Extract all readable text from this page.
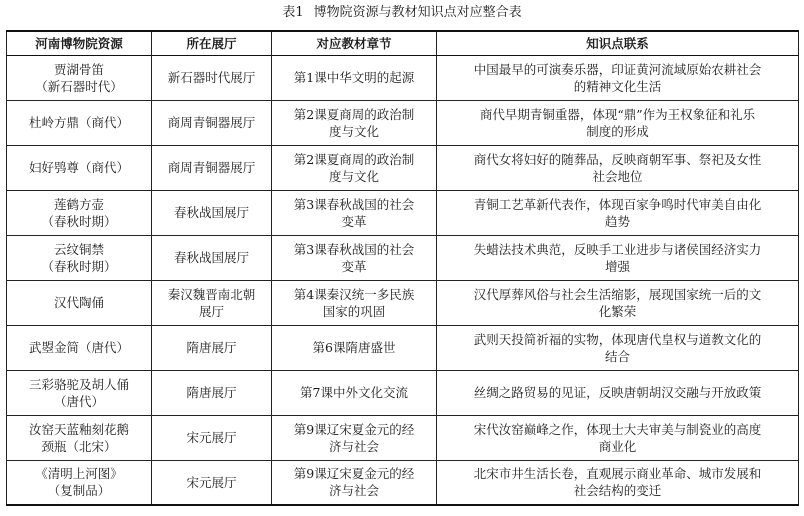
表1 博物院资源与教材知识点对应整合表
河南博物院资源	所在展厅	对应教材章节	知识点联系

贾湖骨笛
（新石器时代）	新石器时代展厅	第1课中华文明的起源	中国最早的可演奏乐器，印证黄河流域原始农耕社会
的精神文化生活

杜岭方鼎（商代）	商周青铜器展厅	第2课夏商周的政治制
度与文化	商代早期青铜重器，体现“鼎”作为王权象征和礼乐
制度的形成

妇好鸮尊（商代）	商周青铜器展厅	第2课夏商周的政治制
度与文化	商代女将妇好的随葬品，反映商朝军事、祭祀及女性
社会地位

莲鹤方壶
（春秋时期）	春秋战国展厅	第3课春秋战国的社会
变革	青铜工艺革新代表作，体现百家争鸣时代审美自由化
趋势

云纹铜禁
（春秋时期）	春秋战国展厅	第3课春秋战国的社会
变革	失蜡法技术典范，反映手工业进步与诸侯国经济实力
增强

汉代陶俑	秦汉魏晋南北朝
展厅	第4课秦汉统一多民族
国家的巩固	汉代厚葬风俗与社会生活缩影，展现国家统一后的文
化繁荣

武曌金简（唐代）	隋唐展厅	第6课隋唐盛世	武则天投简祈福的实物，体现唐代皇权与道教文化的
结合

三彩骆驼及胡人俑
（唐代）	隋唐展厅	第7课中外文化交流	丝绸之路贸易的见证，反映唐朝胡汉交融与开放政策

汝窑天蓝釉刻花鹅
颈瓶（北宋）	宋元展厅	第9课辽宋夏金元的经
济与社会	宋代汝窑巅峰之作，体现士大夫审美与制瓷业的高度
商业化

《清明上河图》
（复制品）	宋元展厅	第9课辽宋夏金元的经
济与社会	北宋市井生活长卷，直观展示商业革命、城市发展和
社会结构的变迁
